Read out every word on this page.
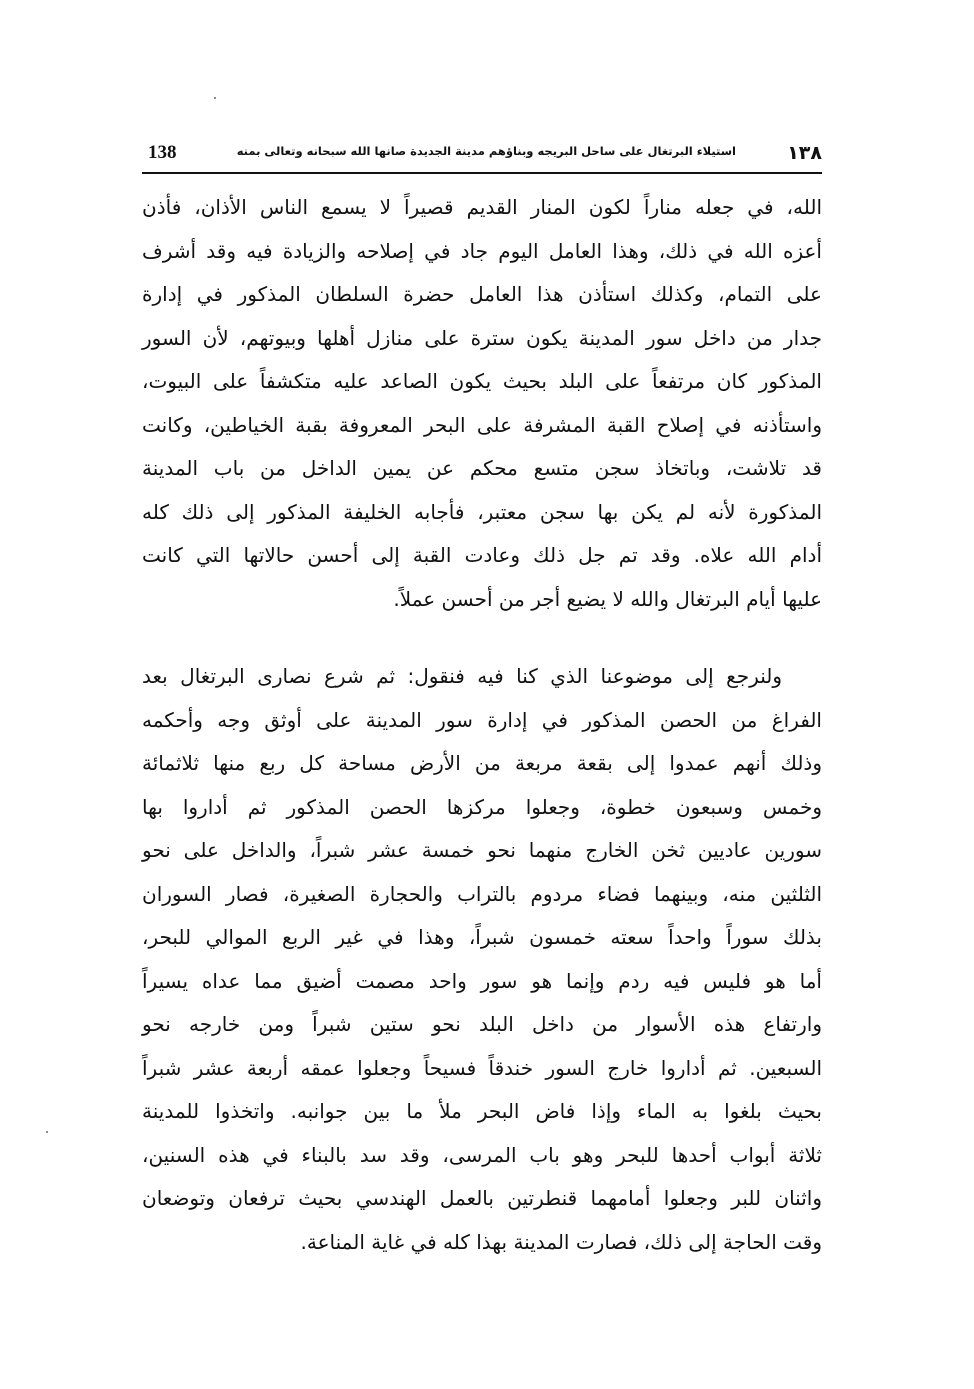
١٣٨
استيلاء البرتغال على ساحل البريجه وبناؤهم مدينة الجديدة صانها الله سبحانه وتعالى بمنه
138
الله، في جعله مناراً لكون المنار القديم قصيراً لا يسمع الناس الأذان، فأذن
أعزه الله في ذلك، وهذا العامل اليوم جاد في إصلاحه والزيادة فيه وقد أشرف
على التمام، وكذلك استأذن هذا العامل حضرة السلطان المذكور في إدارة
جدار من داخل سور المدينة يكون سترة على منازل أهلها وبيوتهم، لأن السور
المذكور كان مرتفعاً على البلد بحيث يكون الصاعد عليه متكشفاً على البيوت،
واستأذنه في إصلاح القبة المشرفة على البحر المعروفة بقبة الخياطين، وكانت
قد تلاشت، وباتخاذ سجن متسع محكم عن يمين الداخل من باب المدينة
المذكورة لأنه لم يكن بها سجن معتبر، فأجابه الخليفة المذكور إلى ذلك كله
أدام الله علاه. وقد تم جل ذلك وعادت القبة إلى أحسن حالاتها التي كانت
عليها أيام البرتغال والله لا يضيع أجر من أحسن عملاً.
ولنرجع إلى موضوعنا الذي كنا فيه فنقول: ثم شرع نصارى البرتغال بعد
الفراغ من الحصن المذكور في إدارة سور المدينة على أوثق وجه وأحكمه
وذلك أنهم عمدوا إلى بقعة مربعة من الأرض مساحة كل ربع منها ثلاثمائة
وخمس وسبعون خطوة، وجعلوا مركزها الحصن المذكور ثم أداروا بها
سورين عاديين ثخن الخارج منهما نحو خمسة عشر شبراً، والداخل على نحو
الثلثين منه، وبينهما فضاء مردوم بالتراب والحجارة الصغيرة، فصار السوران
بذلك سوراً واحداً سعته خمسون شبراً، وهذا في غير الربع الموالي للبحر،
أما هو فليس فيه ردم وإنما هو سور واحد مصمت أضيق مما عداه يسيراً
وارتفاع هذه الأسوار من داخل البلد نحو ستين شبراً ومن خارجه نحو
السبعين. ثم أداروا خارج السور خندقاً فسيحاً وجعلوا عمقه أربعة عشر شبراً
بحيث بلغوا به الماء وإذا فاض البحر ملأ ما بين جوانبه. واتخذوا للمدينة
ثلاثة أبواب أحدها للبحر وهو باب المرسى، وقد سد بالبناء في هذه السنين،
واثنان للبر وجعلوا أمامهما قنطرتين بالعمل الهندسي بحيث ترفعان وتوضعان
وقت الحاجة إلى ذلك، فصارت المدينة بهذا كله في غاية المناعة.
